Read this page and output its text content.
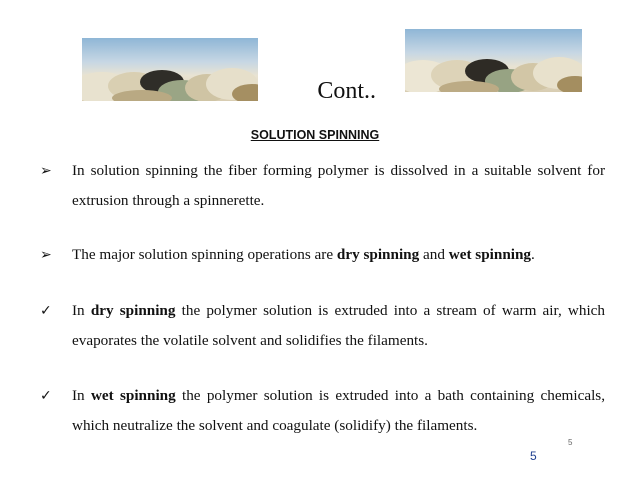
Cont..
SOLUTION SPINNING
➢	In solution spinning the fiber forming polymer is dissolved in a suitable solvent for extrusion through a spinnerette.
➢	The major solution spinning operations are dry spinning and wet spinning.
✓	In dry spinning the polymer solution is extruded into a stream of warm air, which evaporates the volatile solvent and solidifies the filaments.
✓	In wet spinning the polymer solution is extruded into a bath containing chemicals, which neutralize the solvent and coagulate (solidify) the filaments.
5
5
